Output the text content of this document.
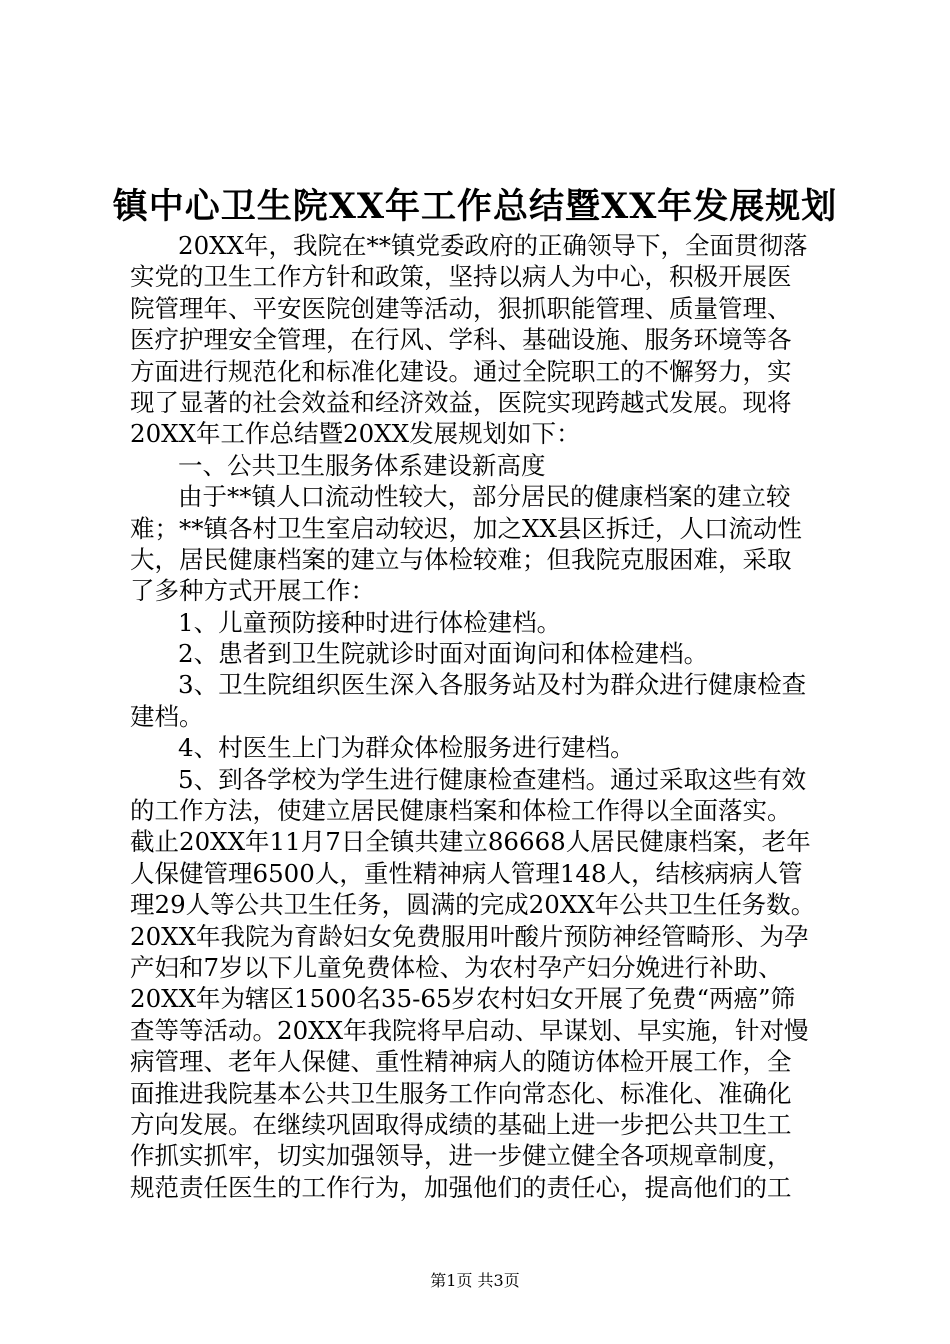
镇中心卫生院XX年工作总结暨XX年发展规划
20XX年，我院在**镇党委政府的正确领导下，全面贯彻落
实党的卫生工作方针和政策，坚持以病人为中心，积极开展医
院管理年、平安医院创建等活动，狠抓职能管理、质量管理、
医疗护理安全管理，在行风、学科、基础设施、服务环境等各
方面进行规范化和标准化建设。通过全院职工的不懈努力，实
现了显著的社会效益和经济效益，医院实现跨越式发展。现将
20XX年工作总结暨20XX发展规划如下：
一、公共卫生服务体系建设新高度
由于**镇人口流动性较大，部分居民的健康档案的建立较
难；**镇各村卫生室启动较迟，加之XX县区拆迁，人口流动性
大，居民健康档案的建立与体检较难；但我院克服困难，采取
了多种方式开展工作：
1、儿童预防接种时进行体检建档。
2、患者到卫生院就诊时面对面询问和体检建档。
3、卫生院组织医生深入各服务站及村为群众进行健康检查
建档。
4、村医生上门为群众体检服务进行建档。
5、到各学校为学生进行健康检查建档。通过采取这些有效
的工作方法，使建立居民健康档案和体检工作得以全面落实。
截止20XX年11月7日全镇共建立86668人居民健康档案，老年
人保健管理6500人，重性精神病人管理148人，结核病病人管
理29人等公共卫生任务，圆满的完成20XX年公共卫生任务数。
20XX年我院为育龄妇女免费服用叶酸片预防神经管畸形、为孕
产妇和7岁以下儿童免费体检、为农村孕产妇分娩进行补助、
20XX年为辖区1500名35-65岁农村妇女开展了免费“两癌”筛
查等等活动。20XX年我院将早启动、早谋划、早实施，针对慢
病管理、老年人保健、重性精神病人的随访体检开展工作，全
面推进我院基本公共卫生服务工作向常态化、标准化、准确化
方向发展。在继续巩固取得成绩的基础上进一步把公共卫生工
作抓实抓牢，切实加强领导，进一步健立健全各项规章制度，
规范责任医生的工作行为，加强他们的责任心，提高他们的工
第1页 共3页
